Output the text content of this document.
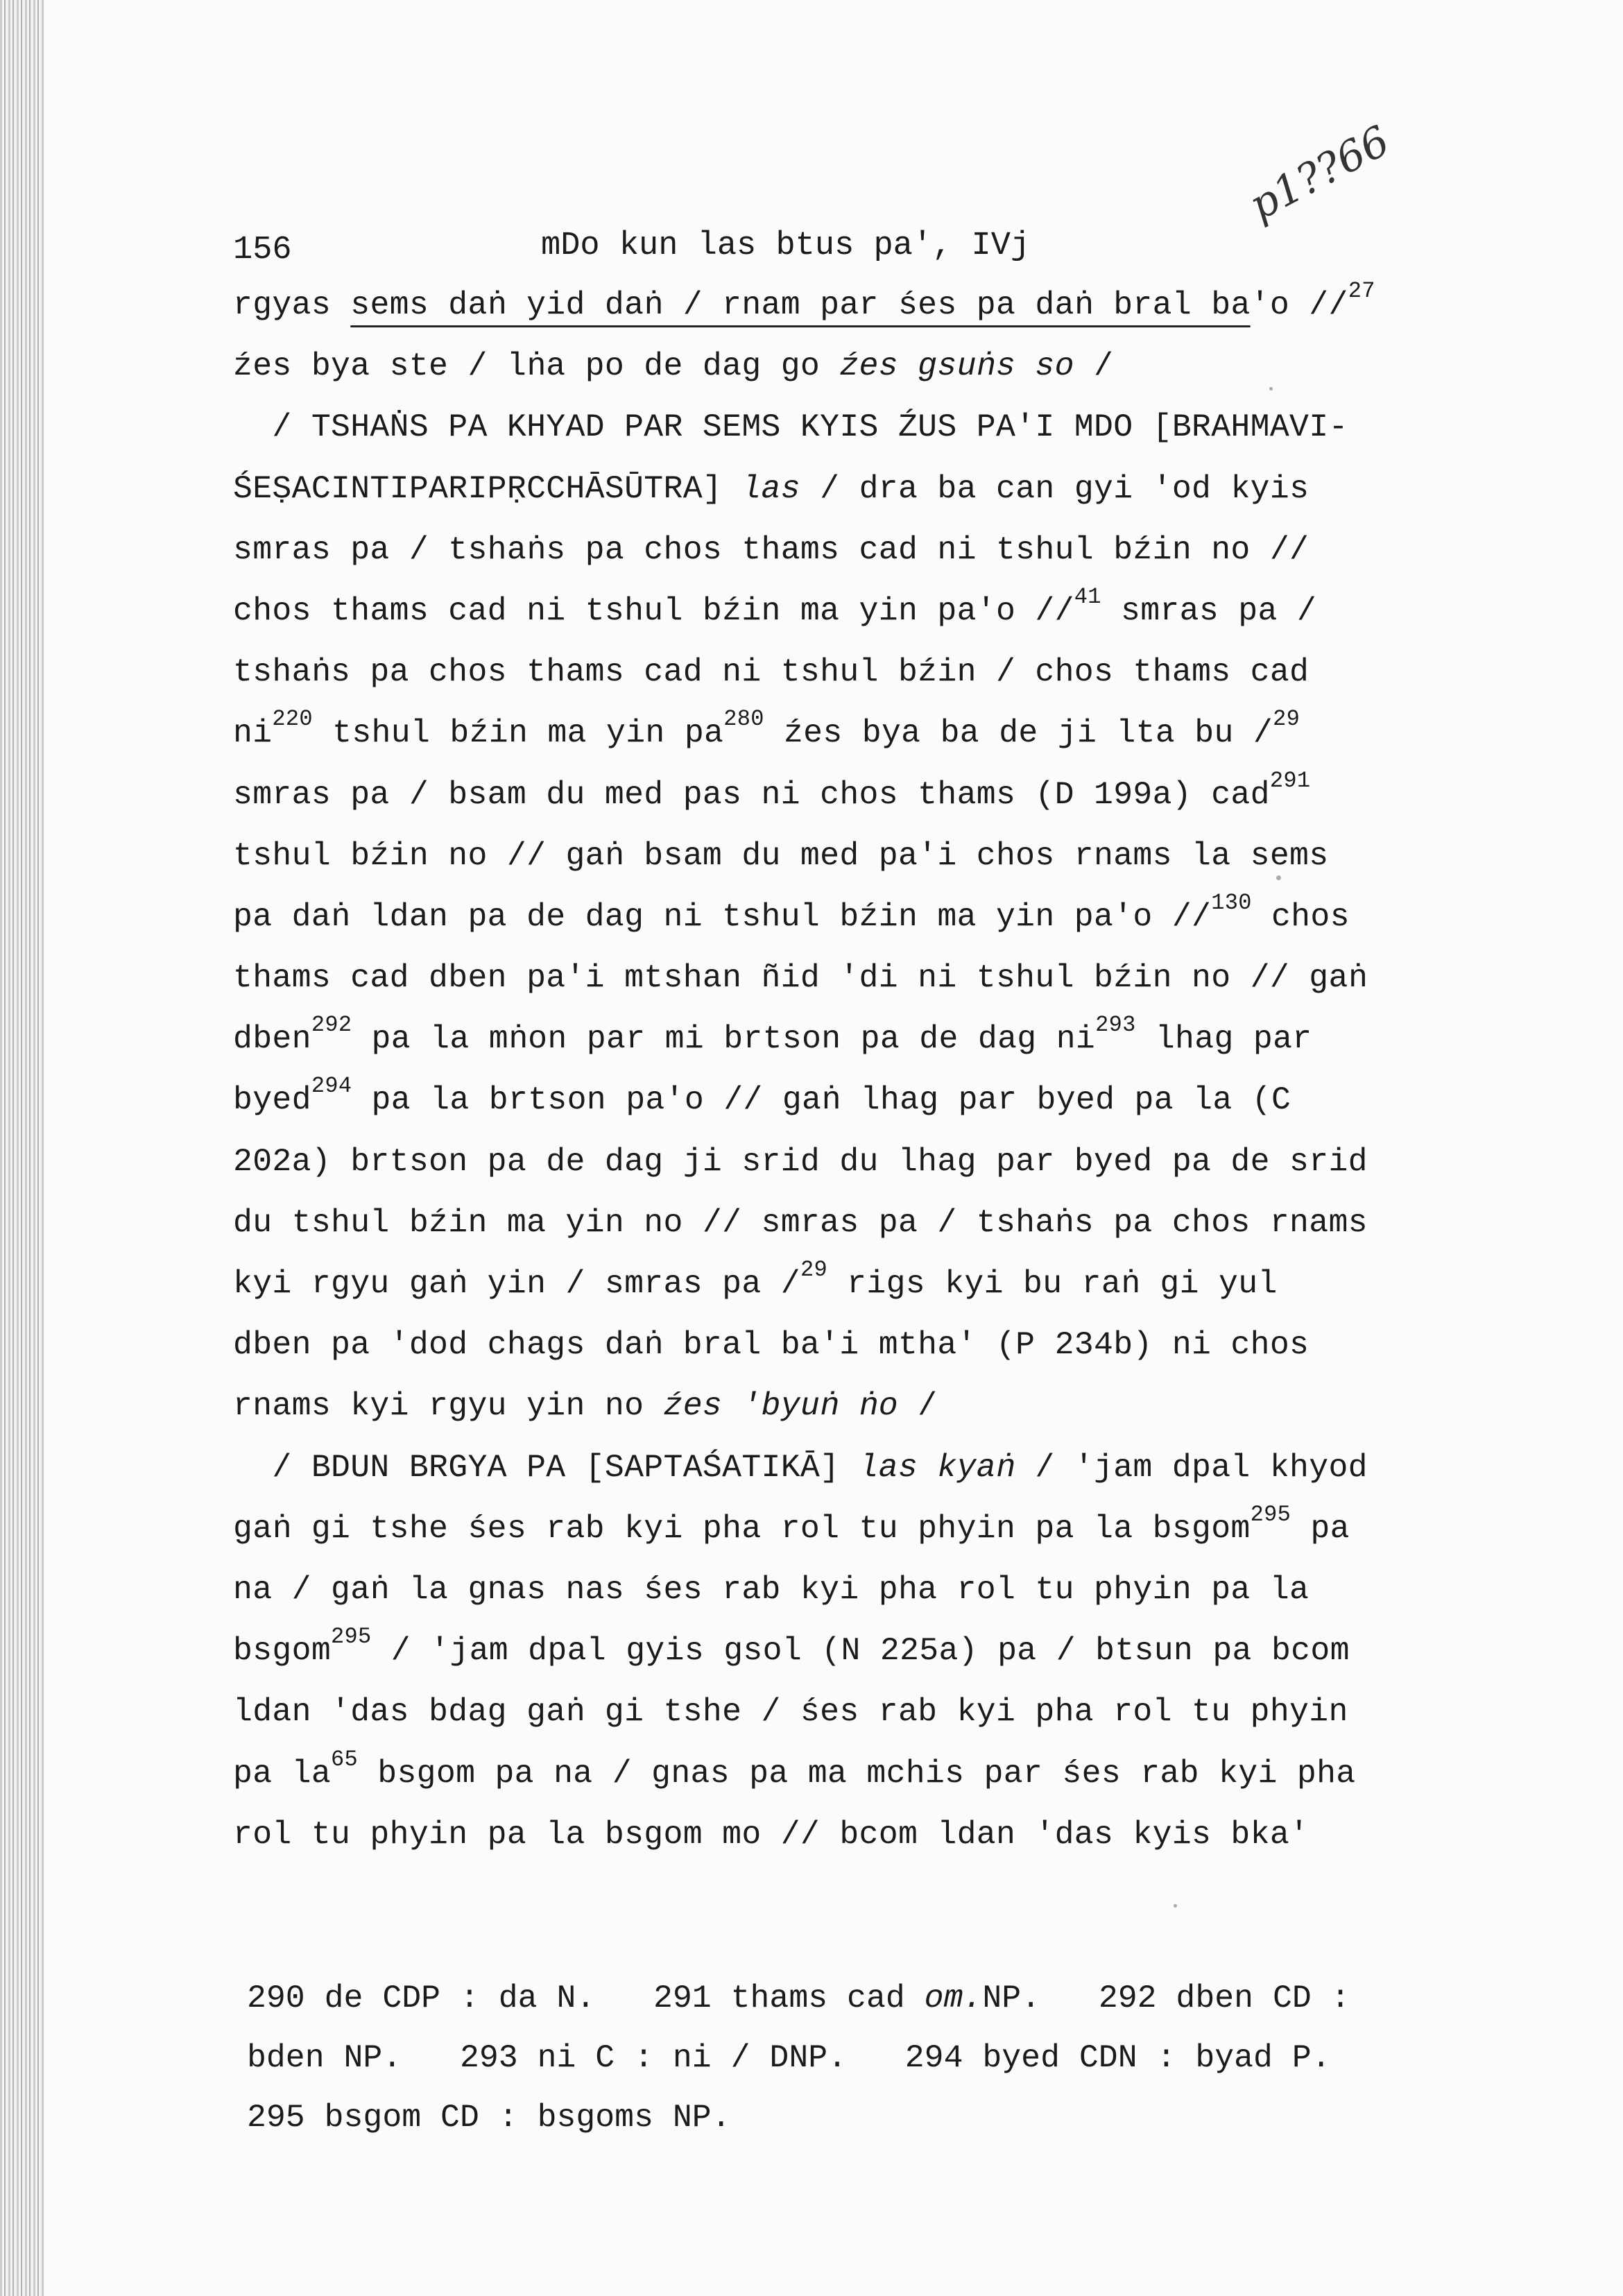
156	mDo kun las btus pa', IVj
p1??66
rgyas sems daṅ yid daṅ / rnam par śes pa daṅ bral ba'o //$^{27}$
źes bya ste / lṅa po de dag go źes gsuṅs so /
/ TSHAṄS PA KHYAD PAR SEMS KYIS ŹUS PA'I MDO [BRAHMAVI-
ŚEṢACINTIPARIPṚCCHĀSŪTRA] las / dra ba can gyi 'od kyis
smras pa / tshaṅs pa chos thams cad ni tshul bźin no //
chos thams cad ni tshul bźin ma yin pa'o //$^{41}$ smras pa /
tshaṅs pa chos thams cad ni tshul bźin / chos thams cad
$ni^{220}$ tshul bźin ma yin $pa^{280}$ źes bya ba de ji lta bu /$^{29}$
smras pa / bsam du med pas ni chos thams (D 199a) cad$^{291}$
tshul bźin no // gaṅ bsam du med pa'i chos rnams la sems
pa daṅ ldan pa de dag ni tshul bźin ma yin pa'o //$^{130}$ chos
thams cad dben pa'i mtshan ñid 'di ni tshul bźin no // gaṅ
dben$^{292}$ pa la mṅon par mi brtson pa de dag $ni^{293}$ lhag par
byed$^{294}$ pa la brtson pa'o // gaṅ lhag par byed pa la (C
202a) brtson pa de dag ji srid du lhag par byed pa de srid
du tshul bźin ma yin no // smras pa / tshaṅs pa chos rnams
kyi rgyu gaṅ yin / smras pa /$^{29}$ rigs kyi bu raṅ gi yul
dben pa 'dod chags daṅ bral ba'i mtha' (P 234b) ni chos
rnams kyi rgyu yin no źes 'byuṅ ṅo /
/ BDUN BRGYA PA [SAPTAŚATIKĀ] las kyaṅ / 'jam dpal khyod
gaṅ gi tshe śes rab kyi pha rol tu phyin pa la bsgom$^{295}$ pa
na / gaṅ la gnas nas śes rab kyi pha rol tu phyin pa la
bsgom$^{295}$ / 'jam dpal gyis gsol (N 225a) pa / btsun pa bcom
ldan 'das bdag gaṅ gi tshe / śes rab kyi pha rol tu phyin
pa $la^{65}$ bsgom pa na / gnas pa ma mchis par śes rab kyi pha
rol tu phyin pa la bsgom mo // bcom ldan 'das kyis bka'
290 de CDP : da N.   291 thams cad om.NP.   292 dben CD :
bden NP.   293 ni C : ni / DNP.   294 byed CDN : byad P.
295 bsgom CD : bsgoms NP.
